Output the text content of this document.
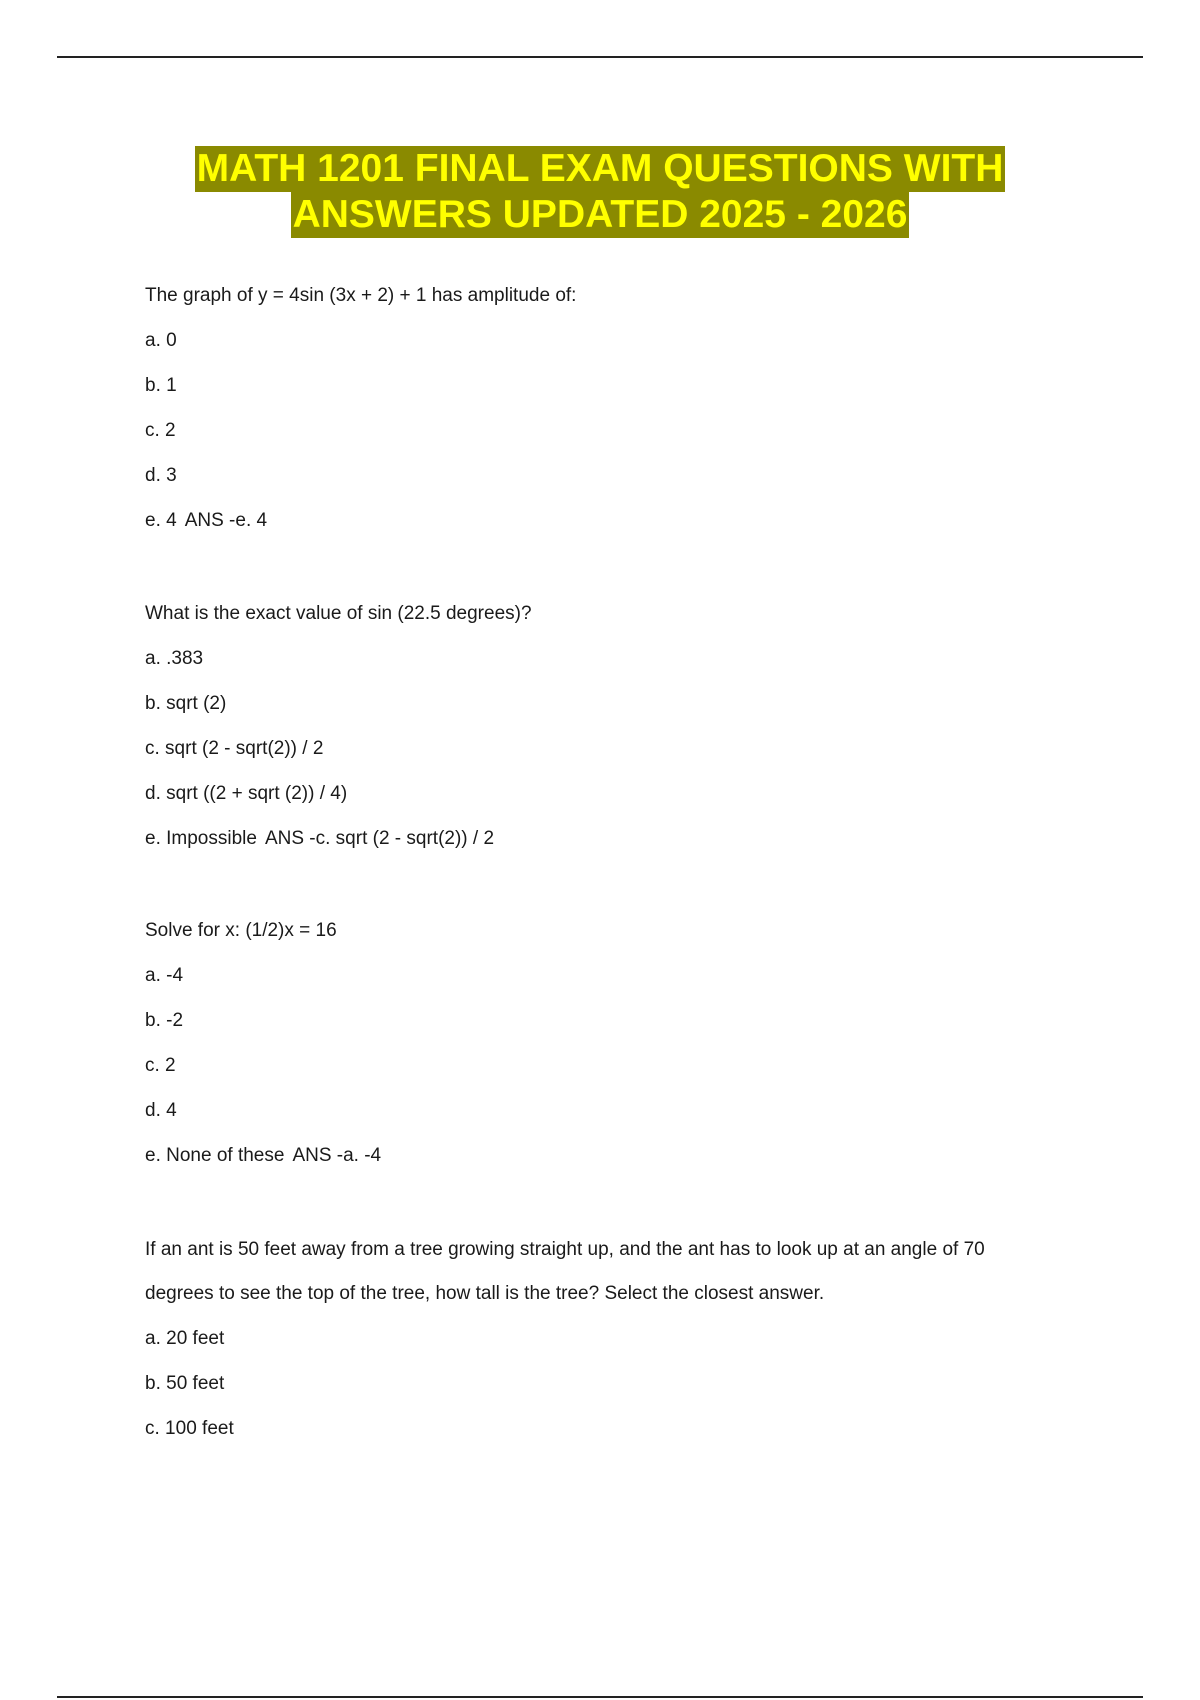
MATH 1201 FINAL EXAM QUESTIONS WITH
ANSWERS UPDATED 2025 - 2026

The graph of y = 4sin (3x + 2) + 1 has amplitude of:

a. 0
b. 1
c. 2
d. 3
e. 4 ANS -e. 4

What is the exact value of sin (22.5 degrees)?

a. .383
b. sqrt (2)
c. sqrt (2 - sqrt(2)) / 2
d. sqrt ((2 + sqrt (2)) / 4)
e. Impossible ANS -c. sqrt (2 - sqrt(2)) / 2

Solve for x: (1/2)x = 16

a. -4
b. -2
c. 2
d. 4
e. None of these ANS -a. -4

If an ant is 50 feet away from a tree growing straight up, and the ant has to look up at an angle of 70

degrees to see the top of the tree, how tall is the tree? Select the closest answer.

a. 20 feet
b. 50 feet
c. 100 feet
